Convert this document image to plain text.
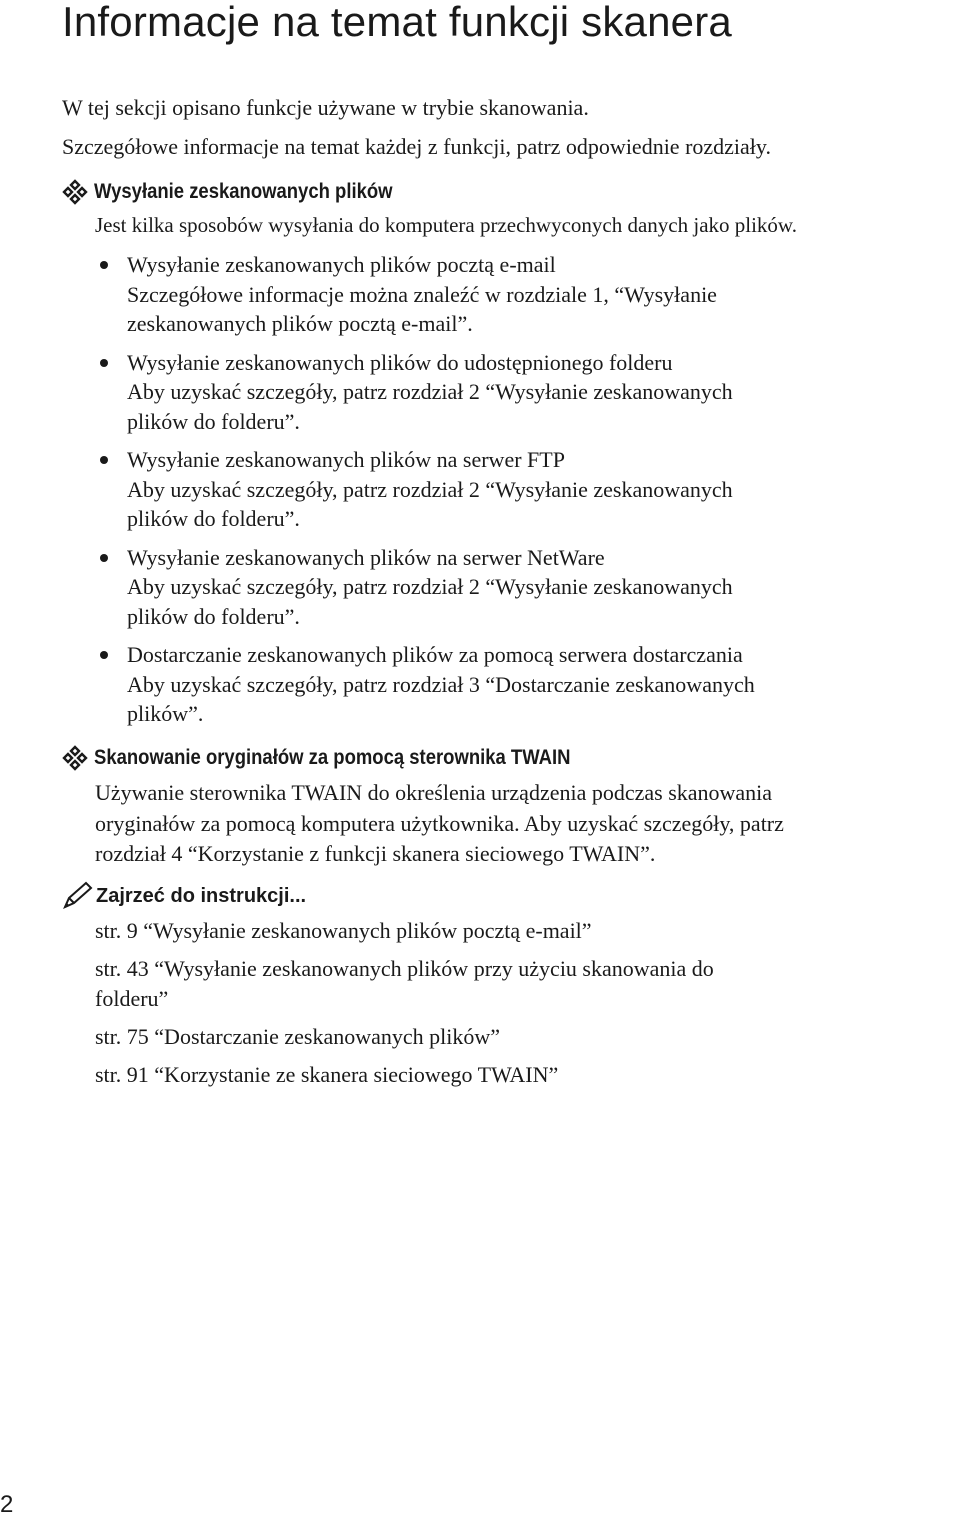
Informacje na temat funkcji skanera

W tej sekcji opisano funkcje używane w trybie skanowania.

Szczegółowe informacje na temat każdej z funkcji, patrz odpowiednie rozdziały.

Wysyłanie zeskanowanych plików
Jest kilka sposobów wysyłania do komputera przechwyconych danych jako plików.
Wysyłanie zeskanowanych plików pocztą e-mail
Szczegółowe informacje można znaleźć w rozdziale 1, “Wysyłanie
zeskanowanych plików pocztą e-mail”.
Wysyłanie zeskanowanych plików do udostępnionego folderu
Aby uzyskać szczegóły, patrz rozdział 2 “Wysyłanie zeskanowanych
plików do folderu”.
Wysyłanie zeskanowanych plików na serwer FTP
Aby uzyskać szczegóły, patrz rozdział 2 “Wysyłanie zeskanowanych
plików do folderu”.
Wysyłanie zeskanowanych plików na serwer NetWare
Aby uzyskać szczegóły, patrz rozdział 2 “Wysyłanie zeskanowanych
plików do folderu”.
Dostarczanie zeskanowanych plików za pomocą serwera dostarczania
Aby uzyskać szczegóły, patrz rozdział 3 “Dostarczanie zeskanowanych
plików”.
Skanowanie oryginałów za pomocą sterownika TWAIN
Używanie sterownika TWAIN do określenia urządzenia podczas skanowania
oryginałów za pomocą komputera użytkownika. Aby uzyskać szczegóły, patrz
rozdział 4 “Korzystanie z funkcji skanera sieciowego TWAIN”.
Zajrzeć do instrukcji...
str. 9 “Wysyłanie zeskanowanych plików pocztą e-mail”
str. 43 “Wysyłanie zeskanowanych plików przy użyciu skanowania do
folderu”
str. 75 “Dostarczanie zeskanowanych plików”
str. 91 “Korzystanie ze skanera sieciowego TWAIN”
2
